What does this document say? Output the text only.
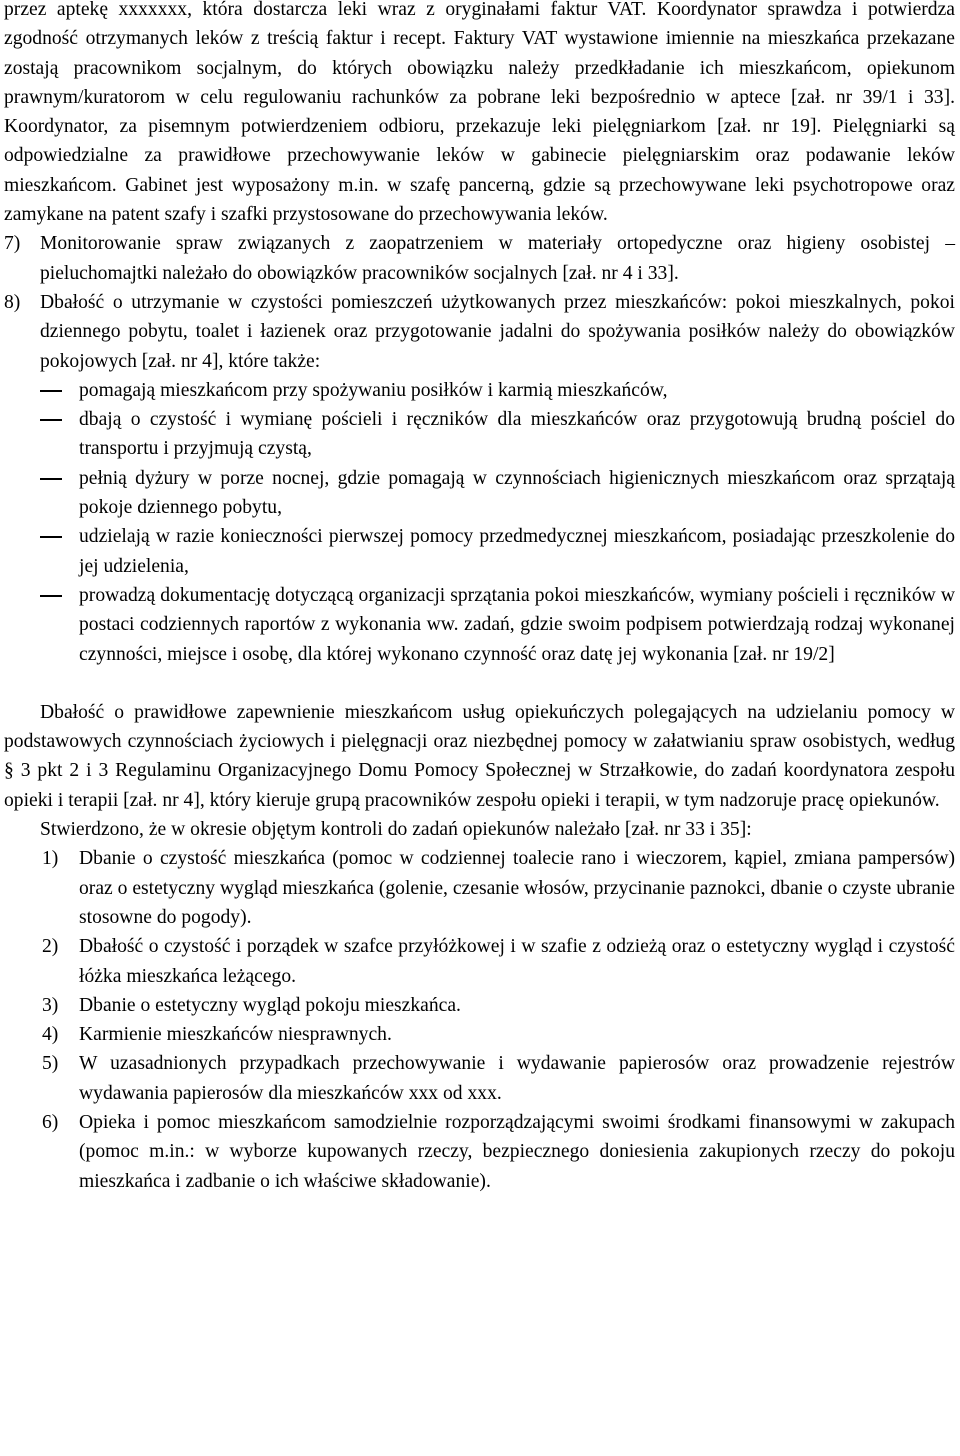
przez aptekę xxxxxxx, która dostarcza leki wraz z oryginałami faktur VAT. Koordynator sprawdza i potwierdza zgodność otrzymanych leków z treścią faktur i recept. Faktury VAT wystawione imiennie na mieszkańca przekazane zostają pracownikom socjalnym, do których obowiązku należy przedkładanie ich mieszkańcom, opiekunom prawnym/kuratorom w celu regulowaniu rachunków za pobrane leki bezpośrednio w aptece [zał. nr 39/1 i 33]. Koordynator, za pisemnym potwierdzeniem odbioru, przekazuje leki pielęgniarkom [zał. nr 19]. Pielęgniarki są odpowiedzialne za prawidłowe przechowywanie leków w gabinecie pielęgniarskim oraz podawanie leków mieszkańcom. Gabinet jest wyposażony m.in. w szafę pancerną, gdzie są przechowywane leki psychotropowe oraz zamykane na patent szafy i szafki przystosowane do przechowywania leków.

7) Monitorowanie spraw związanych z zaopatrzeniem w materiały ortopedyczne oraz higieny osobistej – pieluchomajtki należało do obowiązków pracowników socjalnych [zał. nr 4 i 33].
8) Dbałość o utrzymanie w czystości pomieszczeń użytkowanych przez mieszkańców: pokoi mieszkalnych, pokoi dziennego pobytu, toalet i łazienek oraz przygotowanie jadalni do spożywania posiłków należy do obowiązków pokojowych [zał. nr 4], które także:
pomagają mieszkańcom przy spożywaniu posiłków i karmią mieszkańców,
dbają o czystość i wymianę pościeli i ręczników dla mieszkańców oraz przygotowują brudną pościel do transportu i przyjmują czystą,
pełnią dyżury w porze nocnej, gdzie pomagają w czynnościach higienicznych mieszkańcom oraz sprzątają pokoje dziennego pobytu,
udzielają w razie konieczności pierwszej pomocy przedmedycznej mieszkańcom, posiadając przeszkolenie do jej udzielenia,
prowadzą dokumentację dotyczącą organizacji sprzątania pokoi mieszkańców, wymiany pościeli i ręczników w postaci codziennych raportów z wykonania ww. zadań, gdzie swoim podpisem potwierdzają rodzaj wykonanej czynności, miejsce i osobę, dla której wykonano czynność oraz datę jej wykonania [zał. nr 19/2]

Dbałość o prawidłowe zapewnienie mieszkańcom usług opiekuńczych polegających na udzielaniu pomocy w podstawowych czynnościach życiowych i pielęgnacji oraz niezbędnej pomocy w załatwianiu spraw osobistych, według § 3 pkt 2 i 3 Regulaminu Organizacyjnego Domu Pomocy Społecznej w Strzałkowie, do zadań koordynatora zespołu opieki i terapii [zał. nr 4], który kieruje grupą pracowników zespołu opieki i terapii, w tym nadzoruje pracę opiekunów.

Stwierdzono, że w okresie objętym kontroli do zadań opiekunów należało [zał. nr 33 i 35]:

1) Dbanie o czystość mieszkańca (pomoc w codziennej toalecie rano i wieczorem, kąpiel, zmiana pampersów) oraz o estetyczny wygląd mieszkańca (golenie, czesanie włosów, przycinanie paznokci, dbanie o czyste ubranie stosowne do pogody).
2) Dbałość o czystość i porządek w szafce przyłóżkowej i w szafie z odzieżą oraz o estetyczny wygląd i czystość łóżka mieszkańca leżącego.
3) Dbanie o estetyczny wygląd pokoju mieszkańca.
4) Karmienie mieszkańców niesprawnych.
5) W uzasadnionych przypadkach przechowywanie i wydawanie papierosów oraz prowadzenie rejestrów wydawania papierosów dla mieszkańców xxx od xxx.
6) Opieka i pomoc mieszkańcom samodzielnie rozporządzającymi swoimi środkami finansowymi w zakupach (pomoc m.in.: w wyborze kupowanych rzeczy, bezpiecznego doniesienia zakupionych rzeczy do pokoju mieszkańca i zadbanie o ich właściwe składowanie).
